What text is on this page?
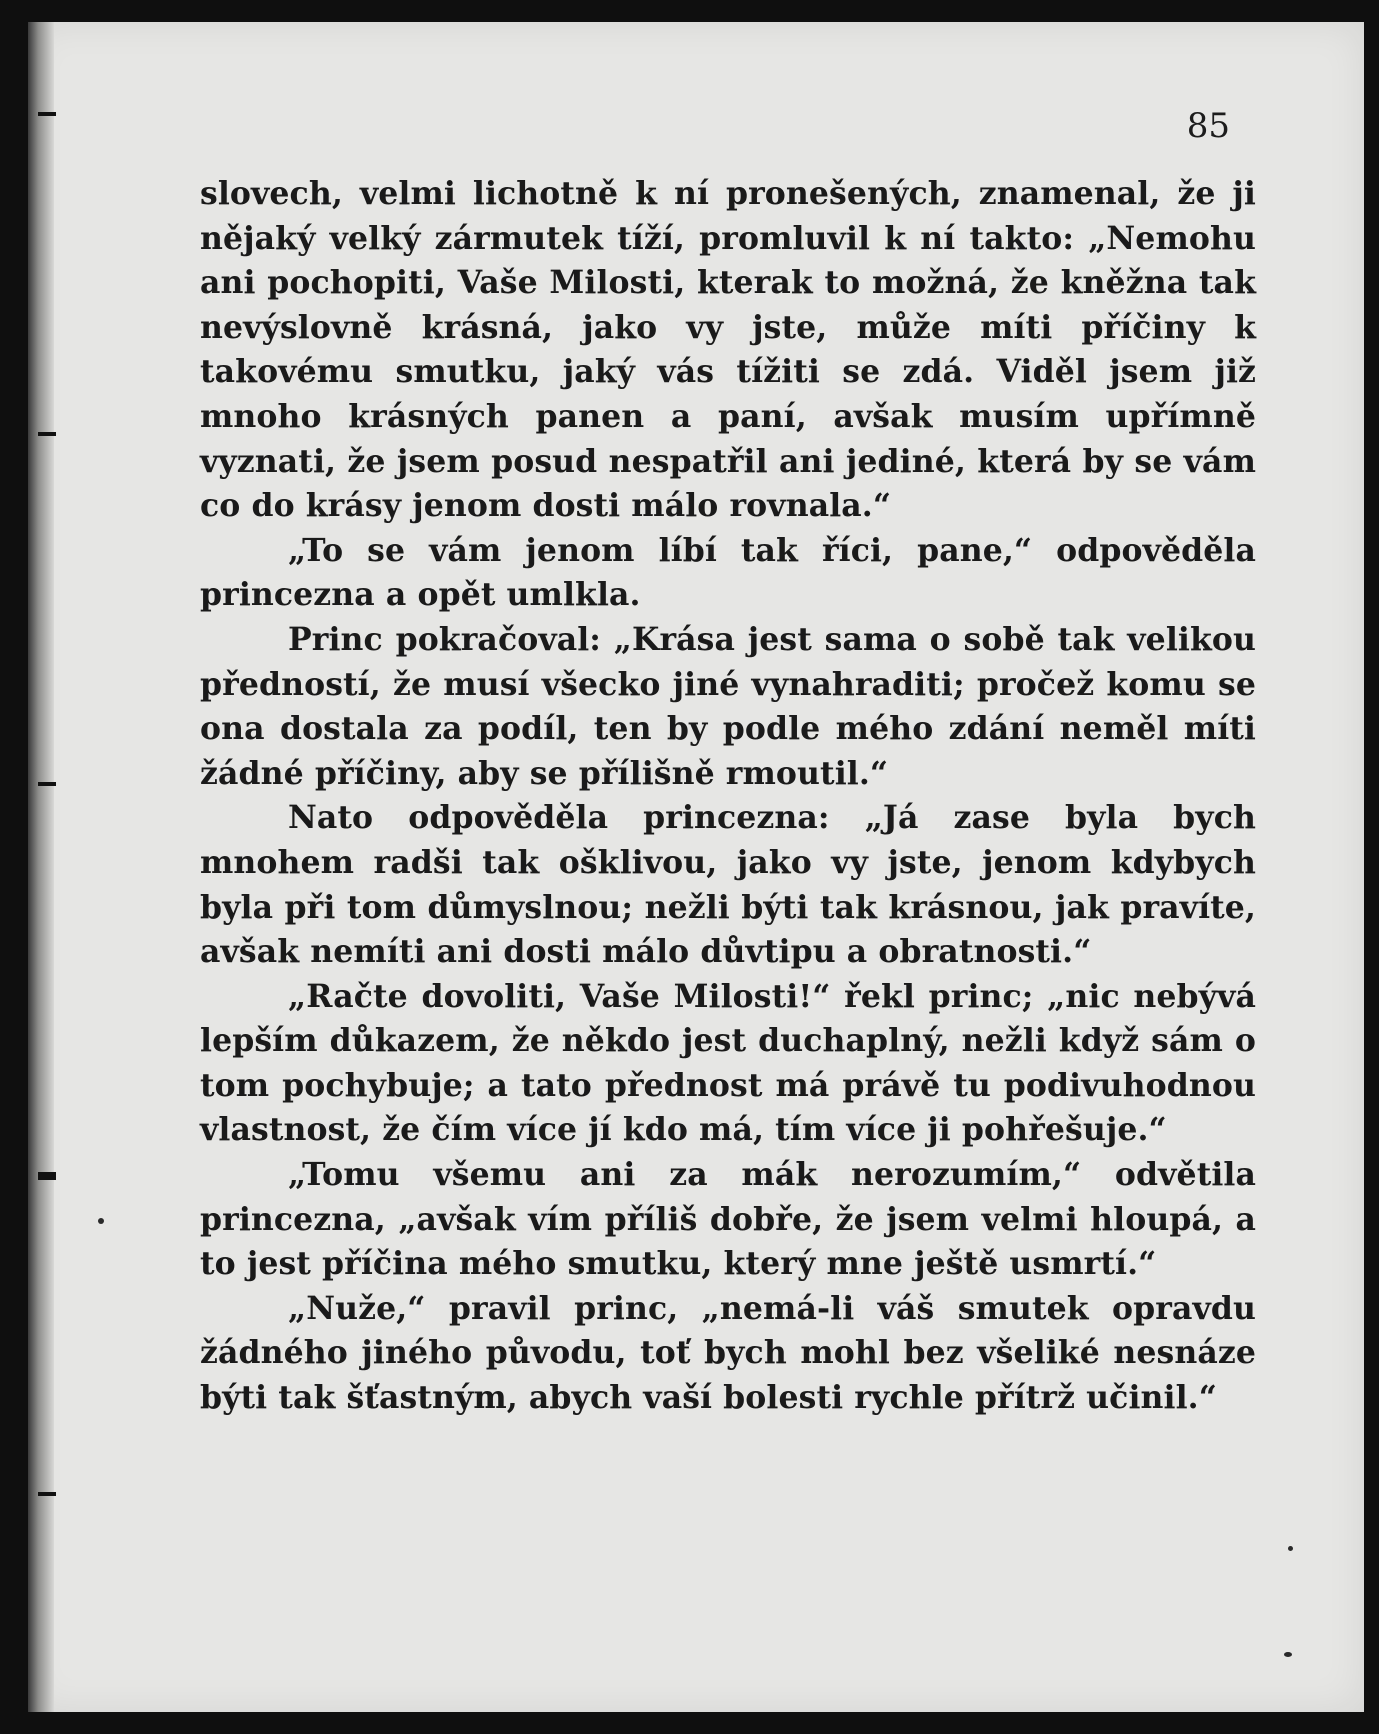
85

slovech, velmi lichotně k ní pronešených, znamenal, že ji nějaký velký zármutek tíží, promluvil k ní takto: „Nemohu ani pochopiti, Vaše Milosti, kterak to možná, že kněžna tak nevýslovně krásná, jako vy jste, může míti příčiny k takovému smutku, jaký vás tížiti se zdá. Viděl jsem již mnoho krásných panen a paní, avšak musím upřímně vyznati, že jsem posud nespatřil ani jediné, která by se vám co do krásy jenom dosti málo rovnala.“

„To se vám jenom líbí tak říci, pane,“ odpověděla princezna a opět umlkla.

Princ pokračoval: „Krása jest sama o sobě tak velikou předností, že musí všecko jiné vynahraditi; pročež komu se ona dostala za podíl, ten by podle mého zdání neměl míti žádné příčiny, aby se přílišně rmoutil.“

Nato odpověděla princezna: „Já zase byla bych mnohem radši tak ošklivou, jako vy jste, jenom kdybych byla při tom důmyslnou; nežli býti tak krásnou, jak pravíte, avšak nemíti ani dosti málo důvtipu a obratnosti.“

„Račte dovoliti, Vaše Milosti!“ řekl princ; „nic nebývá lepším důkazem, že někdo jest duchaplný, nežli když sám o tom pochybuje; a tato přednost má právě tu podivuhodnou vlastnost, že čím více jí kdo má, tím více ji pohřešuje.“

„Tomu všemu ani za mák nerozumím,“ odvětila princezna, „avšak vím příliš dobře, že jsem velmi hloupá, a to jest příčina mého smutku, který mne ještě usmrtí.“

„Nuže,“ pravil princ, „nemá-li váš smutek opravdu žádného jiného původu, toť bych mohl bez všeliké nesnáze býti tak šťastným, abych vaší bolesti rychle přítrž učinil.“
